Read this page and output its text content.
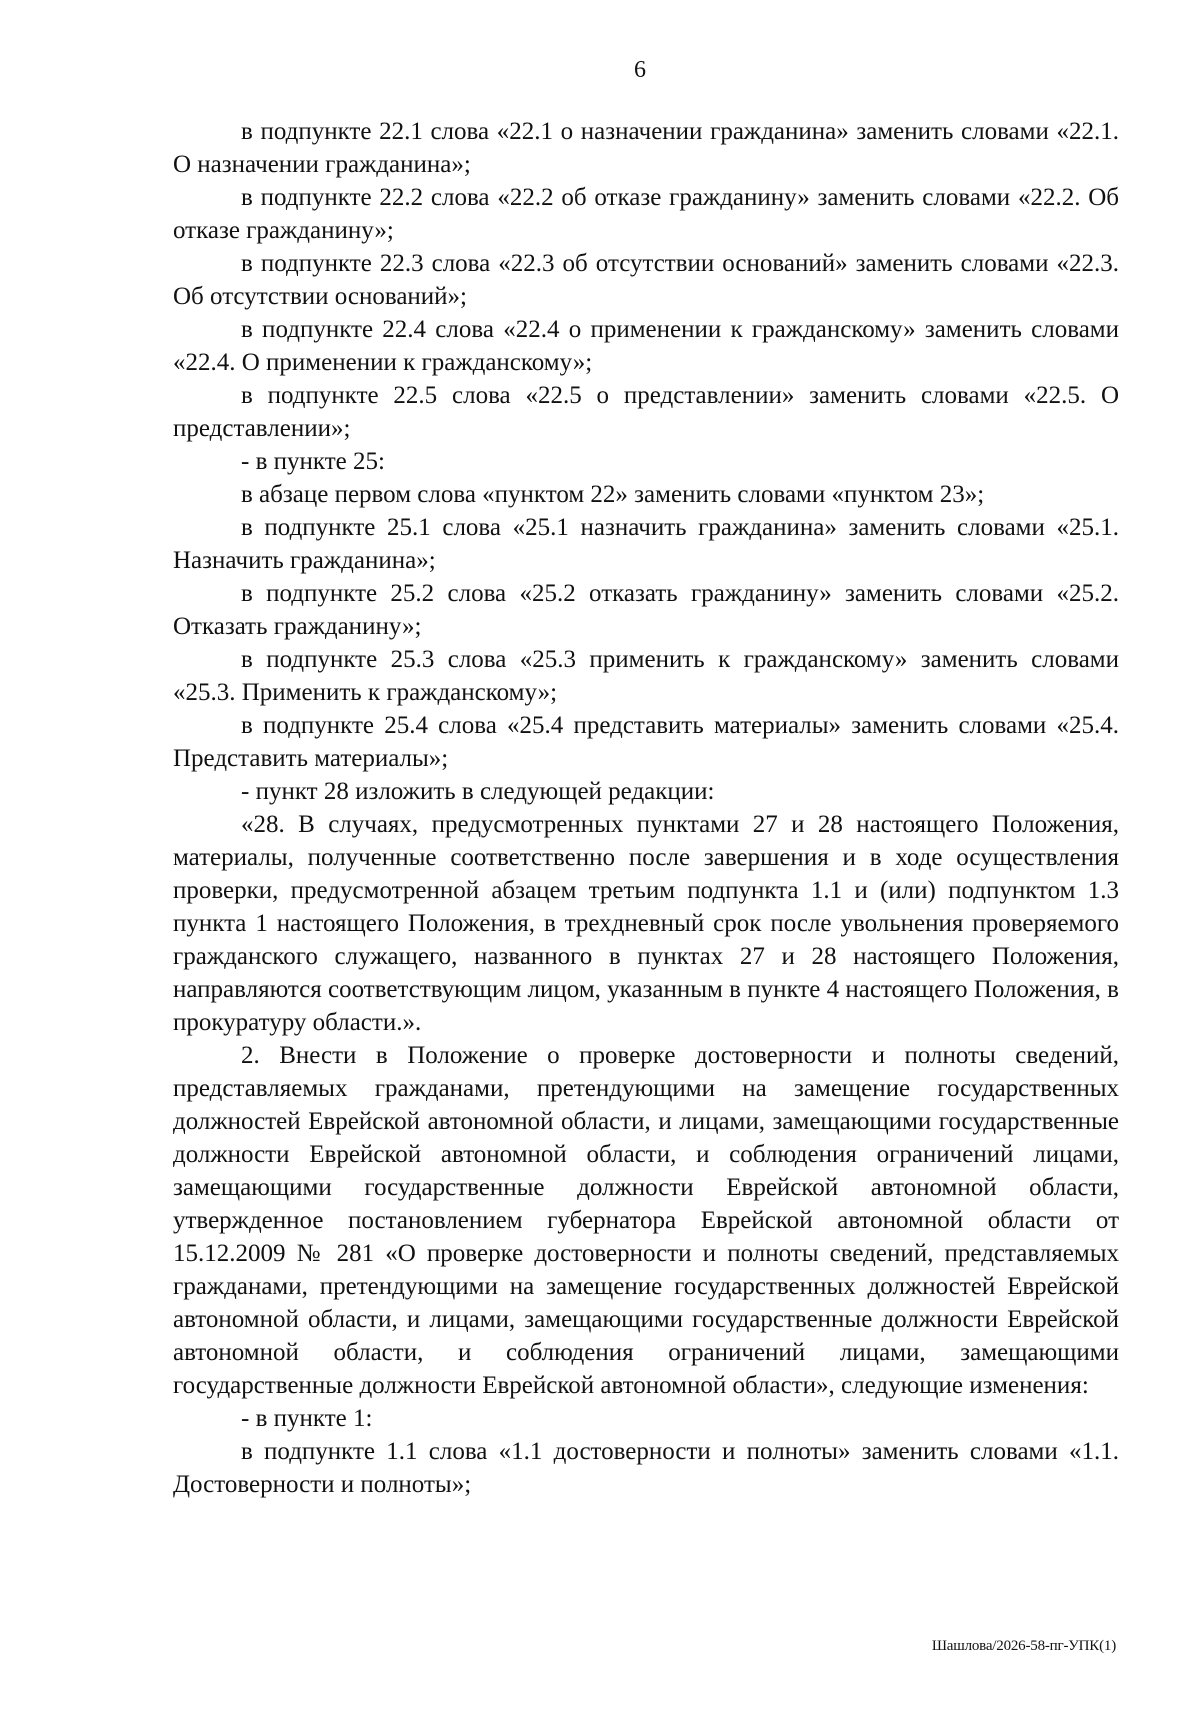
6

в подпункте 22.1 слова «22.1 о назначении гражданина» заменить словами «22.1. О назначении гражданина»;

в подпункте 22.2 слова «22.2 об отказе гражданину» заменить словами «22.2. Об отказе гражданину»;

в подпункте 22.3 слова «22.3 об отсутствии оснований» заменить словами «22.3. Об отсутствии оснований»;

в подпункте 22.4 слова «22.4 о применении к гражданскому» заменить словами «22.4. О применении к гражданскому»;

в подпункте 22.5 слова «22.5 о представлении» заменить словами «22.5. О представлении»;

- в пункте 25:

в абзаце первом слова «пунктом 22» заменить словами «пунктом 23»;

в подпункте 25.1 слова «25.1 назначить гражданина» заменить словами «25.1. Назначить гражданина»;

в подпункте 25.2 слова «25.2 отказать гражданину» заменить словами «25.2. Отказать гражданину»;

в подпункте 25.3 слова «25.3 применить к гражданскому» заменить словами «25.3. Применить к гражданскому»;

в подпункте 25.4 слова «25.4 представить материалы» заменить словами «25.4. Представить материалы»;

- пункт 28 изложить в следующей редакции:

«28. В случаях, предусмотренных пунктами 27 и 28 настоящего Положения, материалы, полученные соответственно после завершения и в ходе осуществления проверки, предусмотренной абзацем третьим подпункта 1.1 и (или) подпунктом 1.3 пункта 1 настоящего Положения, в трехдневный срок после увольнения проверяемого гражданского служащего, названного в пунктах 27 и 28 настоящего Положения, направляются соответствующим лицом, указанным в пункте 4 настоящего Положения, в прокуратуру области.».

2. Внести в Положение о проверке достоверности и полноты сведений, представляемых гражданами, претендующими на замещение государственных должностей Еврейской автономной области, и лицами, замещающими государственные должности Еврейской автономной области, и соблюдения ограничений лицами, замещающими государственные должности Еврейской автономной области, утвержденное постановлением губернатора Еврейской автономной области от 15.12.2009 № 281 «О проверке достоверности и полноты сведений, представляемых гражданами, претендующими на замещение государственных должностей Еврейской автономной области, и лицами, замещающими государственные должности Еврейской автономной области, и соблюдения ограничений лицами, замещающими государственные должности Еврейской автономной области», следующие изменения:

- в пункте 1:

в подпункте 1.1 слова «1.1 достоверности и полноты» заменить словами «1.1. Достоверности и полноты»;

Шашлова/2026-58-пг-УПК(1)
